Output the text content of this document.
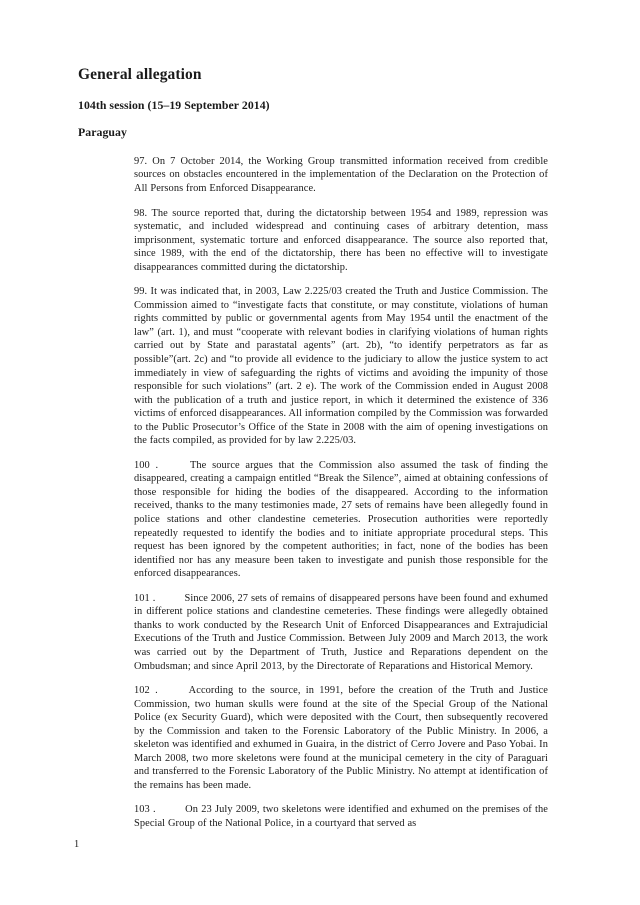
General allegation
104th session (15–19 September 2014)
Paraguay

97. On 7 October 2014, the Working Group transmitted information received from credible sources on obstacles encountered in the implementation of the Declaration on the Protection of All Persons from Enforced Disappearance.

98. The source reported that, during the dictatorship between 1954 and 1989, repression was systematic, and included widespread and continuing cases of arbitrary detention, mass imprisonment, systematic torture and enforced disappearance. The source also reported that, since 1989, with the end of the dictatorship, there has been no effective will to investigate disappearances committed during the dictatorship.

99. It was indicated that, in 2003, Law 2.225/03 created the Truth and Justice Commission. The Commission aimed to “investigate facts that constitute, or may constitute, violations of human rights committed by public or governmental agents from May 1954 until the enactment of the law” (art. 1), and must “cooperate with relevant bodies in clarifying violations of human rights carried out by State and parastatal agents” (art. 2b), “to identify perpetrators as far as possible”(art. 2c) and “to provide all evidence to the judiciary to allow the justice system to act immediately in view of safeguarding the rights of victims and avoiding the impunity of those responsible for such violations” (art. 2 e). The work of the Commission ended in August 2008 with the publication of a truth and justice report, in which it determined the existence of 336 victims of enforced disappearances. All information compiled by the Commission was forwarded to the Public Prosecutor’s Office of the State in 2008 with the aim of opening investigations on the facts compiled, as provided for by law 2.225/03.

100 .    The source argues that the Commission also assumed the task of finding the disappeared, creating a campaign entitled “Break the Silence”, aimed at obtaining confessions of those responsible for hiding the bodies of the disappeared. According to the information received, thanks to the many testimonies made, 27 sets of remains have been allegedly found in police stations and other clandestine cemeteries. Prosecution authorities were reportedly repeatedly requested to identify the bodies and to initiate appropriate procedural steps. This request has been ignored by the competent authorities; in fact, none of the bodies has been identified nor has any measure been taken to investigate and punish those responsible for the enforced disappearances.

101 .    Since 2006, 27 sets of remains of disappeared persons have been found and exhumed in different police stations and clandestine cemeteries. These findings were allegedly obtained thanks to work conducted by the Research Unit of Enforced Disappearances and Extrajudicial Executions of the Truth and Justice Commission. Between July 2009 and March 2013, the work was carried out by the Department of Truth, Justice and Reparations dependent on the Ombudsman; and since April 2013, by the Directorate of Reparations and Historical Memory.

102 .    According to the source, in 1991, before the creation of the Truth and Justice Commission, two human skulls were found at the site of the Special Group of the National Police (ex Security Guard), which were deposited with the Court, then subsequently recovered by the Commission and taken to the Forensic Laboratory of the Public Ministry. In 2006, a skeleton was identified and exhumed in Guaira, in the district of Cerro Jovere and Paso Yobai. In March 2008, two more skeletons were found at the municipal cemetery in the city of Paraguari and transferred to the Forensic Laboratory of the Public Ministry. No attempt at identification of the remains has been made.

103 .    On 23 July 2009, two skeletons were identified and exhumed on the premises of the Special Group of the National Police, in a courtyard that served as

1
